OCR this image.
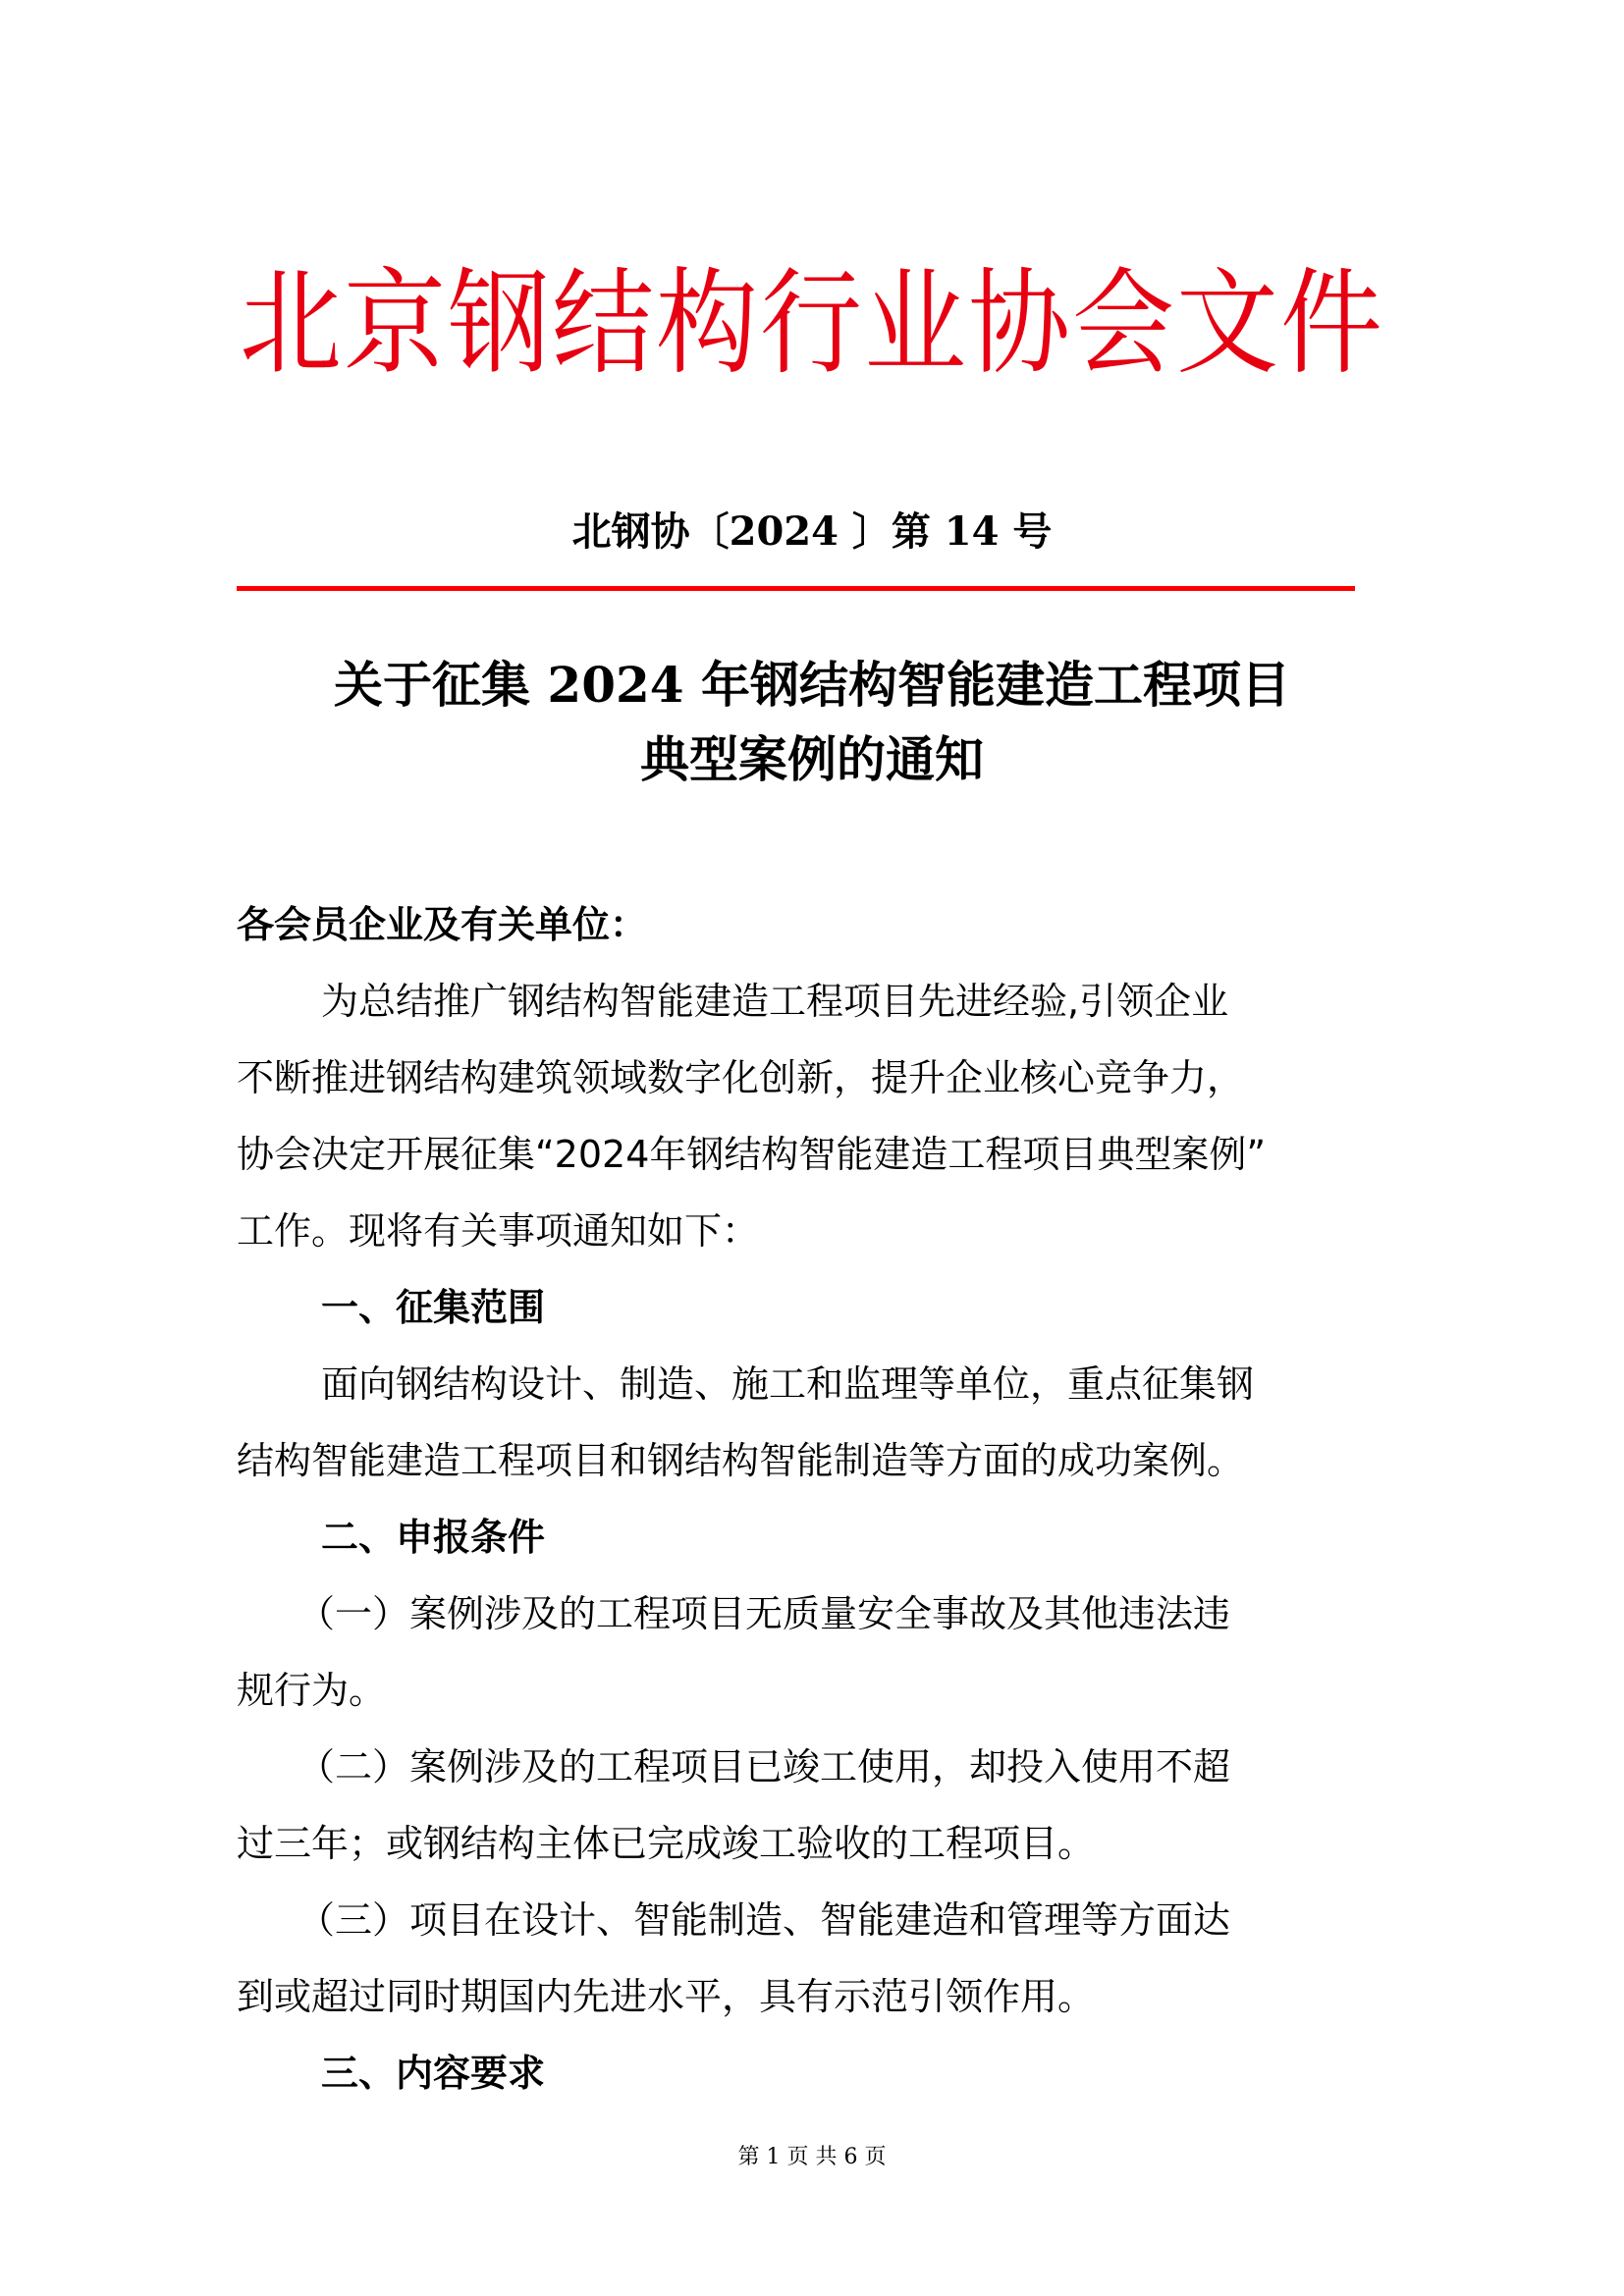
北京钢结构行业协会文件
北钢协〔2024 〕第 14 号
关于征集 2024 年钢结构智能建造工程项目
典型案例的通知
各会员企业及有关单位：
为总结推广钢结构智能建造工程项目先进经验,引领企业
不断推进钢结构建筑领域数字化创新，提升企业核心竞争力，
协会决定开展征集“2024年钢结构智能建造工程项目典型案例”
工作。现将有关事项通知如下：
一、征集范围
面向钢结构设计、制造、施工和监理等单位，重点征集钢
结构智能建造工程项目和钢结构智能制造等方面的成功案例。
二、申报条件
（一）案例涉及的工程项目无质量安全事故及其他违法违
规行为。
（二）案例涉及的工程项目已竣工使用，却投入使用不超
过三年；或钢结构主体已完成竣工验收的工程项目。
（三）项目在设计、智能制造、智能建造和管理等方面达
到或超过同时期国内先进水平，具有示范引领作用。
三、内容要求
第 1 页 共 6 页
